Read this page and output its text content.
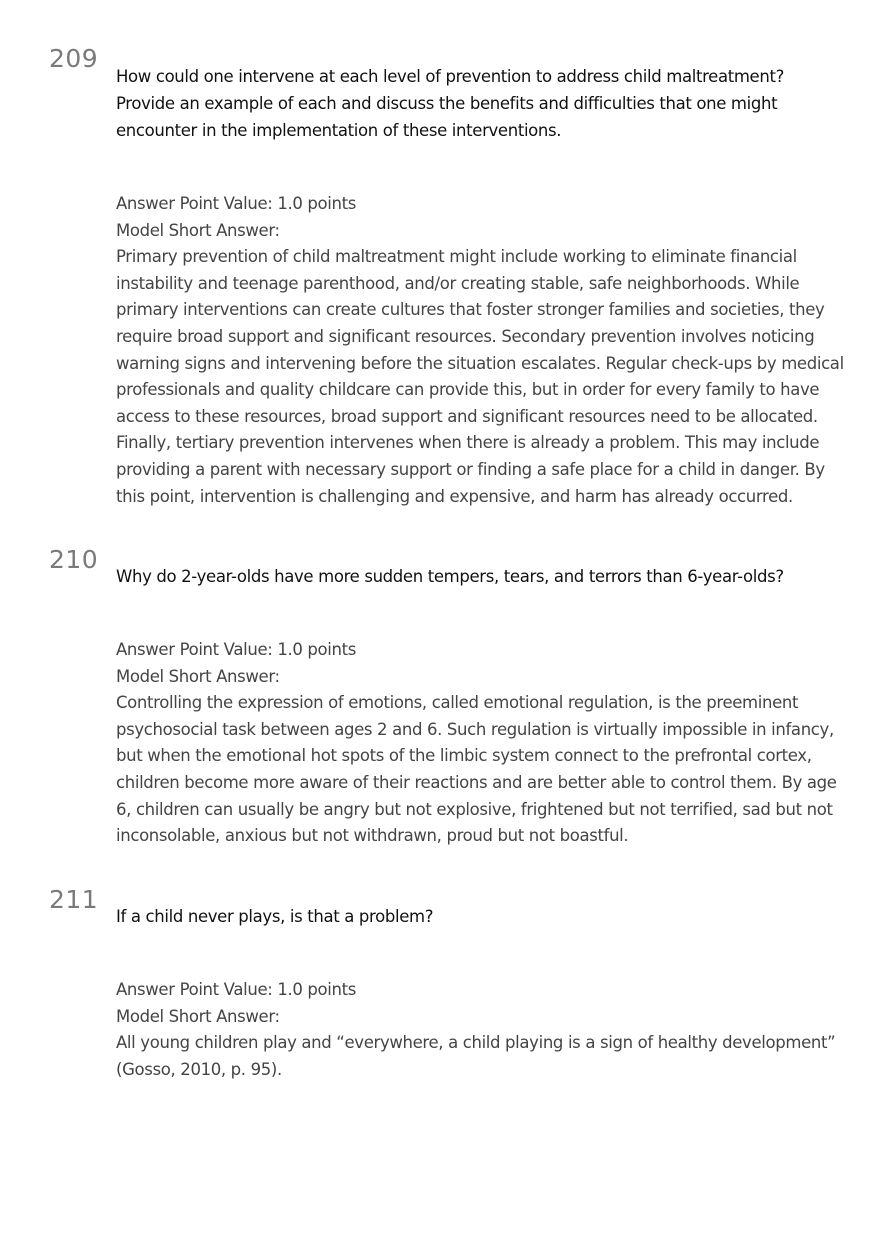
209
How could one intervene at each level of prevention to address child maltreatment? Provide an example of each and discuss the benefits and difficulties that one might encounter in the implementation of these interventions.
Answer Point Value: 1.0 points
Model Short Answer:
Primary prevention of child maltreatment might include working to eliminate financial instability and teenage parenthood, and/or creating stable, safe neighborhoods. While primary interventions can create cultures that foster stronger families and societies, they require broad support and significant resources. Secondary prevention involves noticing warning signs and intervening before the situation escalates. Regular check-ups by medical professionals and quality childcare can provide this, but in order for every family to have access to these resources, broad support and significant resources need to be allocated. Finally, tertiary prevention intervenes when there is already a problem. This may include providing a parent with necessary support or finding a safe place for a child in danger. By this point, intervention is challenging and expensive, and harm has already occurred.
210
Why do 2-year-olds have more sudden tempers, tears, and terrors than 6-year-olds?
Answer Point Value: 1.0 points
Model Short Answer:
Controlling the expression of emotions, called emotional regulation, is the preeminent psychosocial task between ages 2 and 6. Such regulation is virtually impossible in infancy, but when the emotional hot spots of the limbic system connect to the prefrontal cortex, children become more aware of their reactions and are better able to control them. By age 6, children can usually be angry but not explosive, frightened but not terrified, sad but not inconsolable, anxious but not withdrawn, proud but not boastful.
211
If a child never plays, is that a problem?
Answer Point Value: 1.0 points
Model Short Answer:
All young children play and “everywhere, a child playing is a sign of healthy development” (Gosso, 2010, p. 95).
